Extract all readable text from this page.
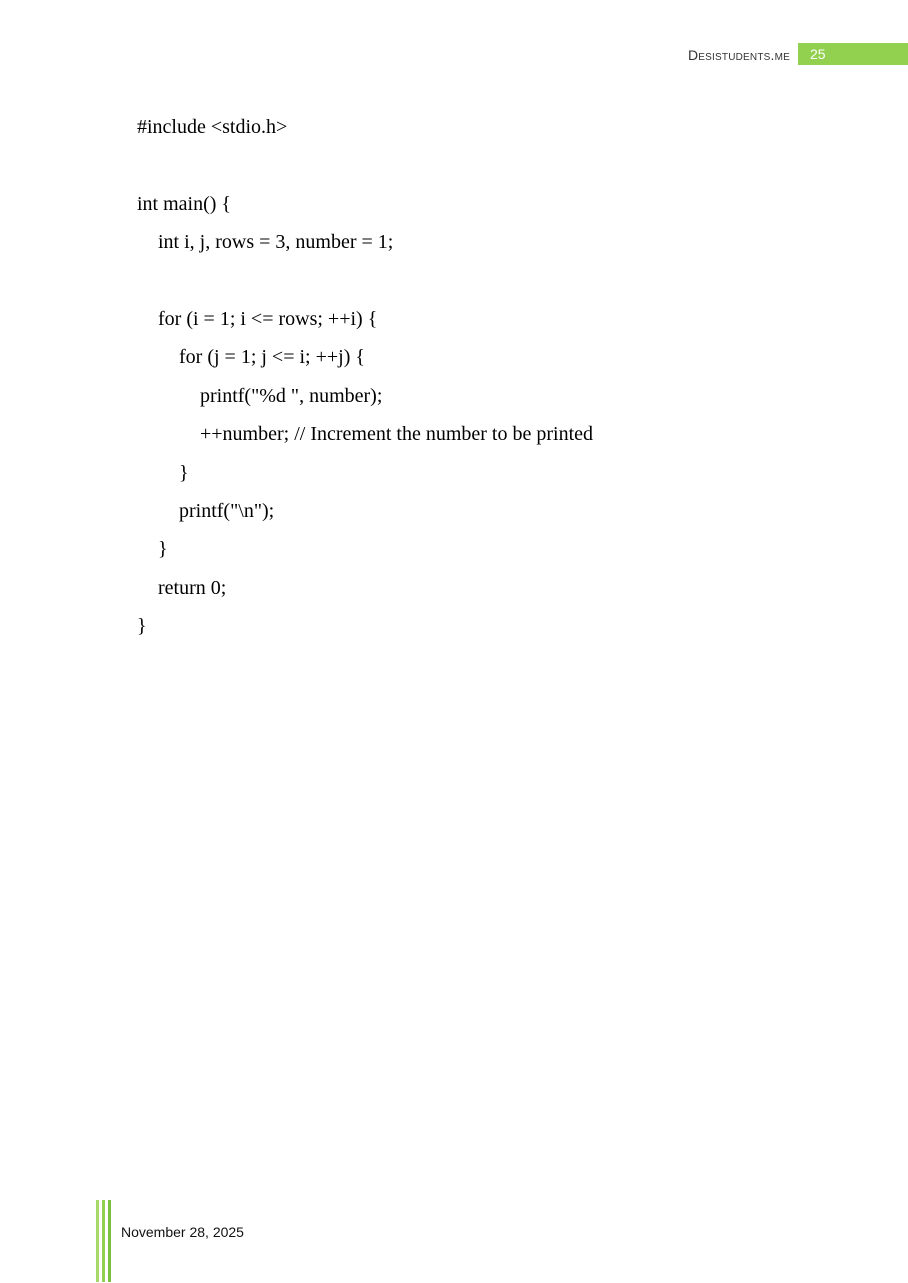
Desistudents.me	25
#include <stdio.h>
int main() {
int i, j, rows = 3, number = 1;
for (i = 1; i <= rows; ++i) {
for (j = 1; j <= i; ++j) {
printf("%d ", number);
++number; // Increment the number to be printed
}
printf("\n");
}
return 0;
}
November 28, 2025
